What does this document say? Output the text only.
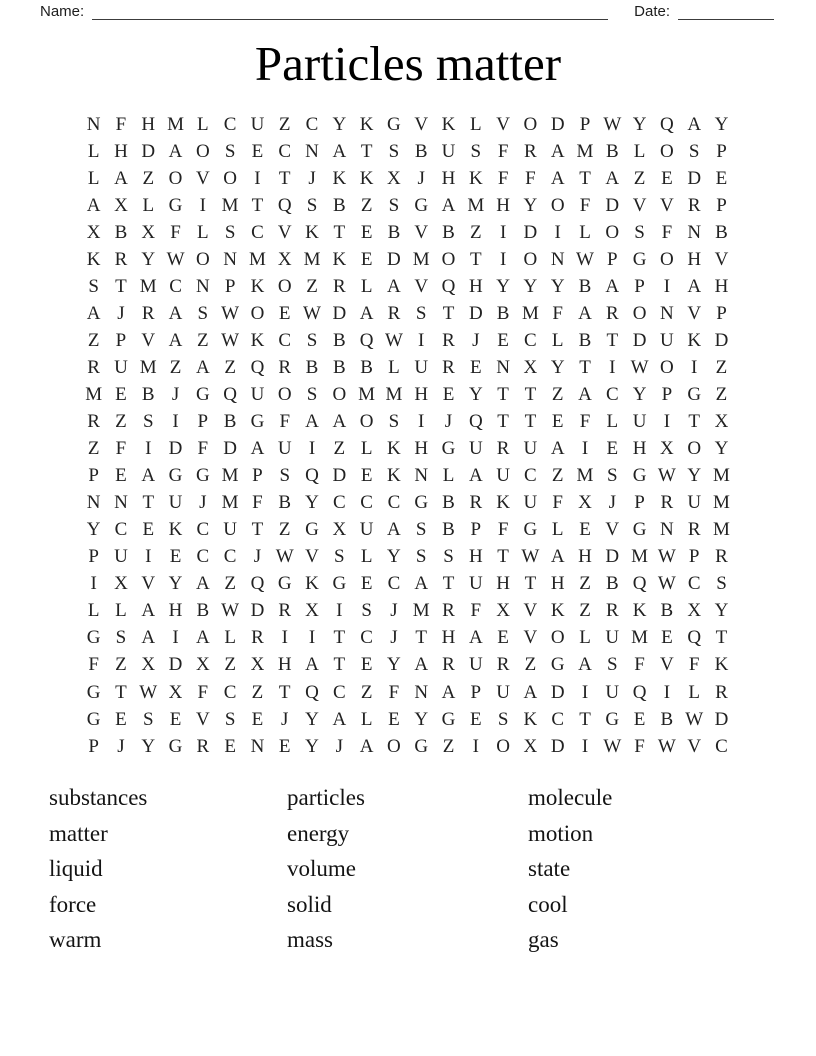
Name:	Date:
Particles matter
N F H M L C U Z C Y K G V K L V O D P W Y Q A Y
L H D A O S E C N A T S B U S F R A M B L O S P
L A Z O V O I T J K K X J H K F F A T A Z E D E
A X L G I M T Q S B Z S G A M H Y O F D V V R P
X B X F L S C V K T E B V B Z I D I L O S F N B
K R Y W O N M X M K E D M O T I O N W P G O H V
S T M C N P K O Z R L A V Q H Y Y Y B A P I A H
A J R A S W O E W D A R S T D B M F A R O N V P
Z P V A Z W K C S B Q W I R J E C L B T D U K D
R U M Z A Z Q R B B B L U R E N X Y T I W O I Z
M E B J G Q U O S O M M H E Y T T Z A C Y P G Z
R Z S I P B G F A A O S I	J Q T T E F L U I T X
Z F I D F D A U I Z L K H G U R U A I E H X O Y
P E A G G M P S Q D E K N L A U C Z M S G W Y M
N N T U J M F B Y C C C G B R K U F X J P R U M
Y C E K C U T Z G X U A S B P F G L E V G N R M
P U I E C C J W V S L Y S S H T W A H D M W P R
I X V Y A Z Q G K G E C A T U H T H Z B Q W C S
L L A H B W D R X I S J M R F X V K Z R K B X Y
G S A I A L R I	I T C J T H A E V O L U M E Q T
F Z X D X Z X H A T E Y A R U R Z G A S F V F K
G T W X F C Z T Q C Z F N A P U A D I U Q I L R
G E S E V S E J Y A L E Y G E S K C T G E B W D
P J Y G R E N E Y J A O G Z I O X D I W F W V C
substances
matter
liquid
force
warm
particles
energy
volume
solid
mass
molecule
motion
state
cool
gas
